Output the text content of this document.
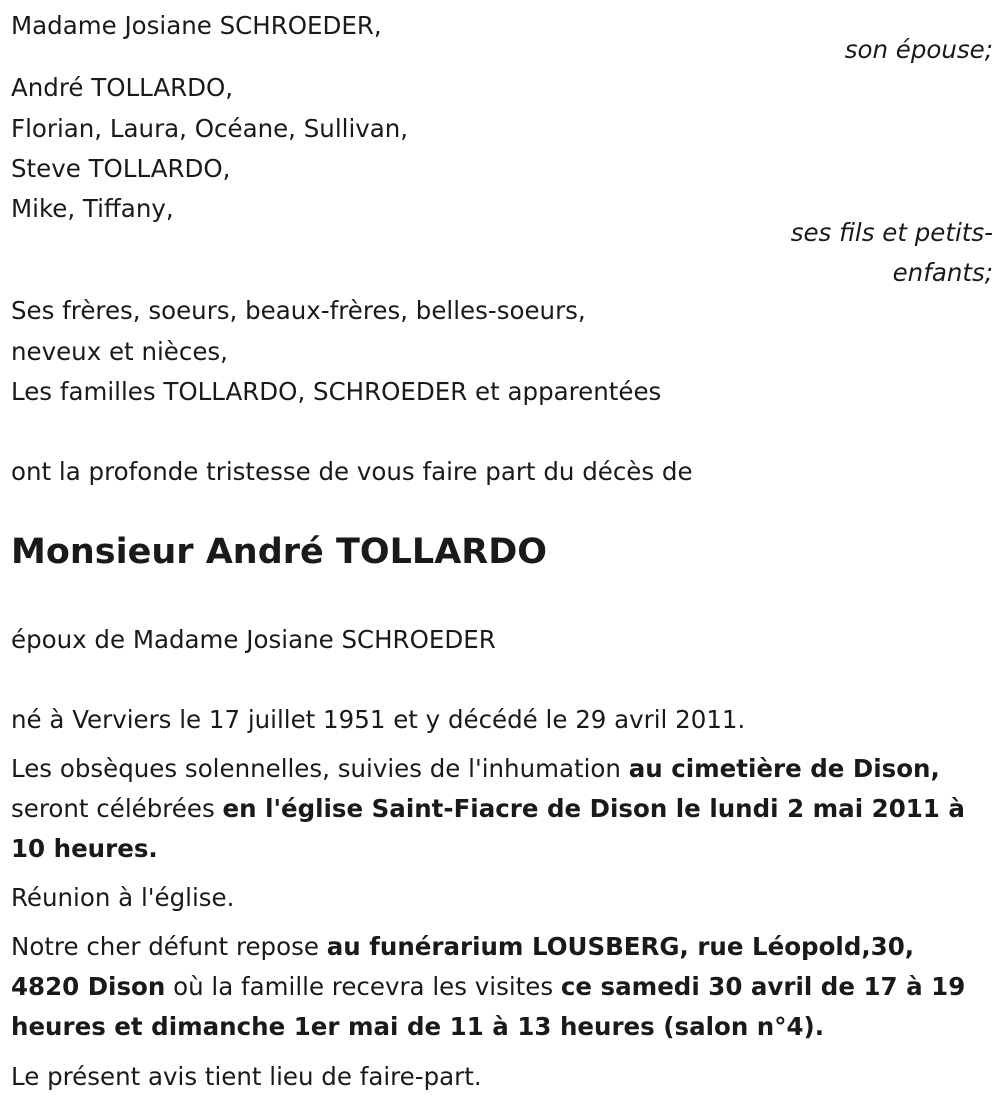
Madame Josiane SCHROEDER,
son épouse;
André TOLLARDO,
Florian, Laura, Océane, Sullivan,
Steve TOLLARDO,
Mike, Tiffany,
ses fils et petits-
enfants;
Ses frères, soeurs, beaux-frères, belles-soeurs,
neveux et nièces,
Les familles TOLLARDO, SCHROEDER et apparentées
ont la profonde tristesse de vous faire part du décès de
Monsieur André TOLLARDO
époux de Madame Josiane SCHROEDER
né à Verviers le 17 juillet 1951 et y décédé le 29 avril 2011.
Les obsèques solennelles, suivies de l'inhumation au cimetière de Dison,
seront célébrées en l'église Saint-Fiacre de Dison le lundi 2 mai 2011 à
10 heures.
Réunion à l'église.
Notre cher défunt repose au funérarium LOUSBERG, rue Léopold,30,
4820 Dison où la famille recevra les visites ce samedi 30 avril de 17 à 19
heures et dimanche 1er mai de 11 à 13 heures (salon n°4).
Le présent avis tient lieu de faire-part.
